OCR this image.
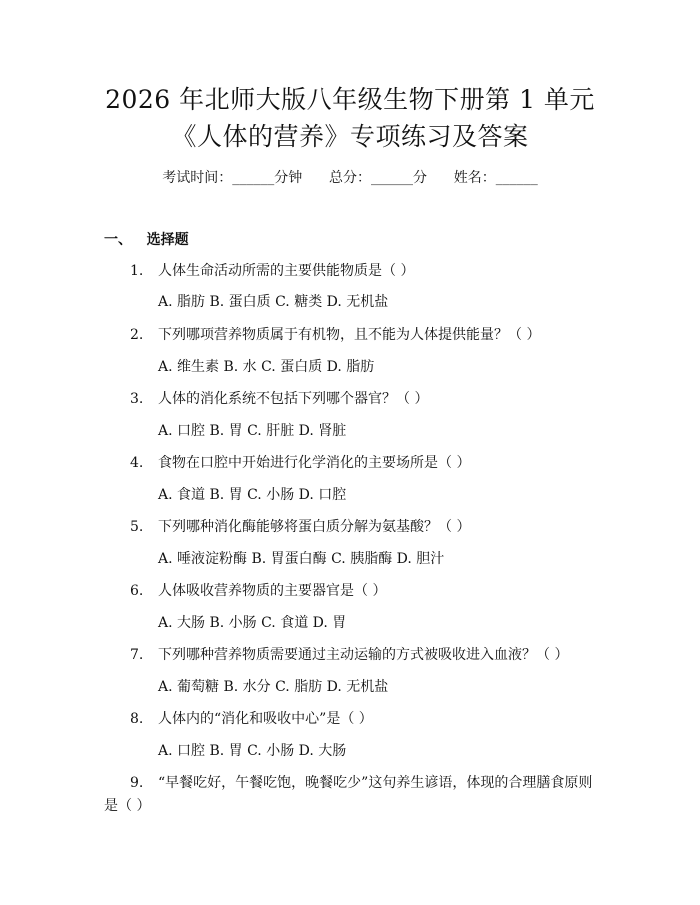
2026 年北师大版八年级生物下册第 1 单元
《人体的营养》专项练习及答案
考试时间：______分钟      总分：______分      姓名：______
一、   选择题
1. 人体生命活动所需的主要供能物质是（ ）
A. 脂肪 B. 蛋白质 C. 糖类 D. 无机盐
2. 下列哪项营养物质属于有机物，且不能为人体提供能量？（ ）
A. 维生素 B. 水 C. 蛋白质 D. 脂肪
3. 人体的消化系统不包括下列哪个器官？（ ）
A. 口腔 B. 胃 C. 肝脏 D. 肾脏
4. 食物在口腔中开始进行化学消化的主要场所是（ ）
A. 食道 B. 胃 C. 小肠 D. 口腔
5. 下列哪种消化酶能够将蛋白质分解为氨基酸？（ ）
A. 唾液淀粉酶 B. 胃蛋白酶 C. 胰脂酶 D. 胆汁
6. 人体吸收营养物质的主要器官是（ ）
A. 大肠 B. 小肠 C. 食道 D. 胃
7. 下列哪种营养物质需要通过主动运输的方式被吸收进入血液？（ ）
A. 葡萄糖 B. 水分 C. 脂肪 D. 无机盐
8. 人体内的“消化和吸收中心”是（ ）
A. 口腔 B. 胃 C. 小肠 D. 大肠
9. “早餐吃好，午餐吃饱，晚餐吃少”这句养生谚语，体现的合理膳食原则
是（ ）
